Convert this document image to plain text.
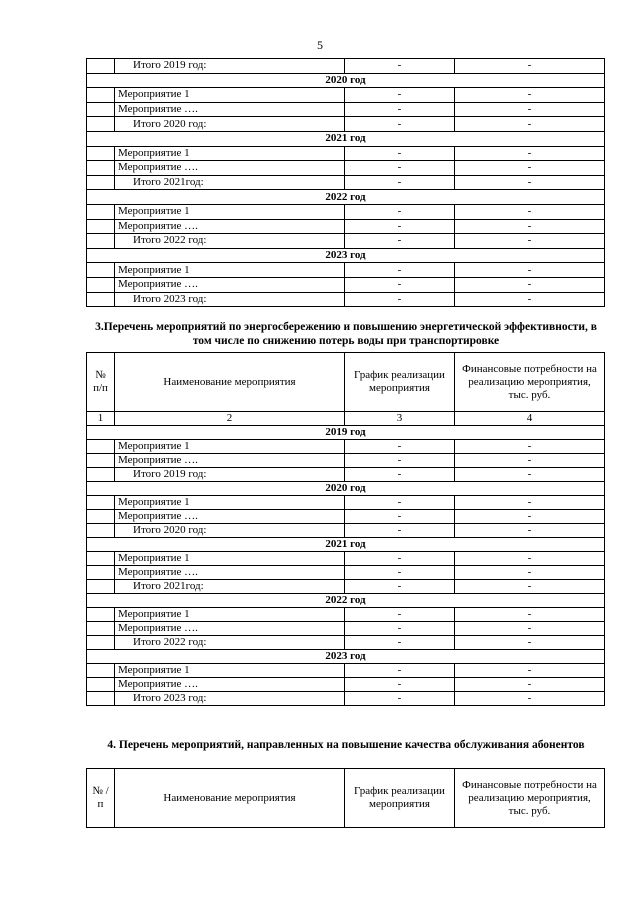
5
	Итого 2019 год:	-	-
2020 год			
	Мероприятие 1	-	-
	Мероприятие ….	-	-
	Итого 2020 год:	-	-
2021 год			
	Мероприятие 1	-	-
	Мероприятие ….	-	-
	Итого 2021год:	-	-
2022 год			
	Мероприятие 1	-	-
	Мероприятие ….	-	-
	Итого 2022 год:	-	-
2023 год			
	Мероприятие 1	-	-
	Мероприятие ….	-	-
	Итого 2023 год:	-	-
3.Перечень мероприятий по энергосбережению и повышению энергетической эффективности, в том числе по снижению потерь воды при транспортировке
№ п/п	Наименование мероприятия	График реализации мероприятия	Финансовые потребности на реализацию мероприятия, тыс. руб.
1	2	3	4
2019 год			
	Мероприятие 1	-	-
	Мероприятие ….	-	-
	Итого 2019 год:	-	-
2020 год			
	Мероприятие 1	-	-
	Мероприятие ….	-	-
	Итого 2020 год:	-	-
2021 год			
	Мероприятие 1	-	-
	Мероприятие ….	-	-
	Итого 2021год:	-	-
2022 год			
	Мероприятие 1	-	-
	Мероприятие ….	-	-
	Итого 2022 год:	-	-
2023 год			
	Мероприятие 1	-	-
	Мероприятие ….	-	-
	Итого 2023 год:	-	-
4. Перечень мероприятий, направленных на повышение качества обслуживания абонентов
№ /п	Наименование мероприятия	График реализации мероприятия	Финансовые потребности на реализацию мероприятия, тыс. руб.
